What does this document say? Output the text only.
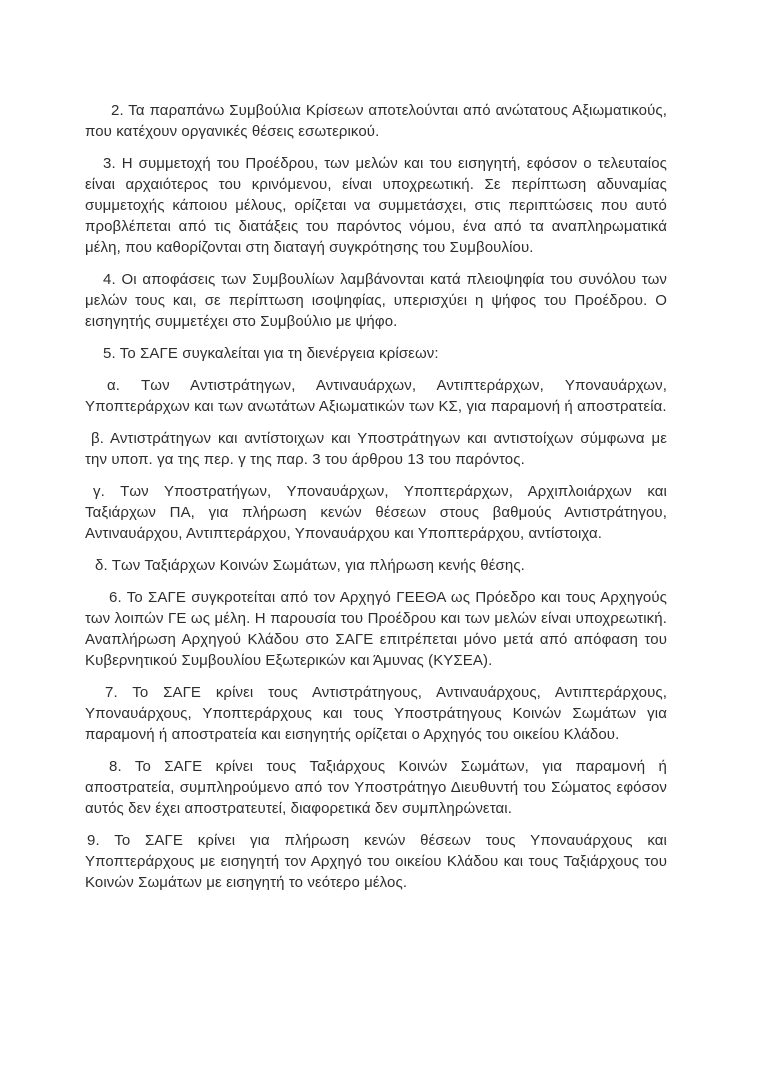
2. Τα παραπάνω Συμβούλια Κρίσεων αποτελούνται από ανώτατους Αξιωματικούς, που κατέχουν οργανικές θέσεις εσωτερικού.

3. Η συμμετοχή του Προέδρου, των μελών και του εισηγητή, εφόσον ο τελευταίος είναι αρχαιότερος του κρινόμενου, είναι υποχρεωτική. Σε περίπτωση αδυναμίας συμμετοχής κάποιου μέλους, ορίζεται να συμμετάσχει, στις περιπτώσεις που αυτό προβλέπεται από τις διατάξεις του παρόντος νόμου, ένα από τα αναπληρωματικά μέλη, που καθορίζονται στη διαταγή συγκρότησης του Συμβουλίου.

4. Οι αποφάσεις των Συμβουλίων λαμβάνονται κατά πλειοψηφία του συνόλου των μελών τους και, σε περίπτωση ισοψηφίας, υπερισχύει η ψήφος του Προέδρου. Ο εισηγητής συμμετέχει στο Συμβούλιο με ψήφο.

5. Το ΣΑΓΕ συγκαλείται για τη διενέργεια κρίσεων:

α. Των Αντιστράτηγων, Αντιναυάρχων, Αντιπτεράρχων, Υποναυάρχων, Υποπτεράρχων και των ανωτάτων Αξιωματικών των ΚΣ, για παραμονή ή αποστρατεία.

β. Αντιστράτηγων και αντίστοιχων και Υποστράτηγων και αντιστοίχων σύμφωνα με την υποπ. γα της περ. γ της παρ. 3 του άρθρου 13 του παρόντος.

γ. Των Υποστρατήγων, Υποναυάρχων, Υποπτεράρχων, Αρχιπλοιάρχων και Ταξιάρχων ΠΑ, για πλήρωση κενών θέσεων στους βαθμούς Αντιστράτηγου, Αντιναυάρχου, Αντιπτεράρχου, Υποναυάρχου και Υποπτεράρχου, αντίστοιχα.

δ. Των Ταξιάρχων Κοινών Σωμάτων, για πλήρωση κενής θέσης.

6. Το ΣΑΓΕ συγκροτείται από τον Αρχηγό ΓΕΕΘΑ ως Πρόεδρο και τους Αρχηγούς των λοιπών ΓΕ ως μέλη. Η παρουσία του Προέδρου και των μελών είναι υποχρεωτική. Αναπλήρωση Αρχηγού Κλάδου στο ΣΑΓΕ επιτρέπεται μόνο μετά από απόφαση του Κυβερνητικού Συμβουλίου Εξωτερικών και Άμυνας (ΚΥΣΕΑ).

7. Το ΣΑΓΕ κρίνει τους Αντιστράτηγους, Αντιναυάρχους, Αντιπτεράρχους, Υποναυάρχους, Υποπτεράρχους και τους Υποστράτηγους Κοινών Σωμάτων για παραμονή ή αποστρατεία και εισηγητής ορίζεται ο Αρχηγός του οικείου Κλάδου.

8. Το ΣΑΓΕ κρίνει τους Ταξιάρχους Κοινών Σωμάτων, για παραμονή ή αποστρατεία, συμπληρούμενο από τον Υποστράτηγο Διευθυντή του Σώματος εφόσον αυτός δεν έχει αποστρατευτεί, διαφορετικά δεν συμπληρώνεται.

9. Το ΣΑΓΕ κρίνει για πλήρωση κενών θέσεων τους Υποναυάρχους και Υποπτεράρχους με εισηγητή τον Αρχηγό του οικείου Κλάδου και τους Ταξιάρχους του Κοινών Σωμάτων με εισηγητή το νεότερο μέλος.
